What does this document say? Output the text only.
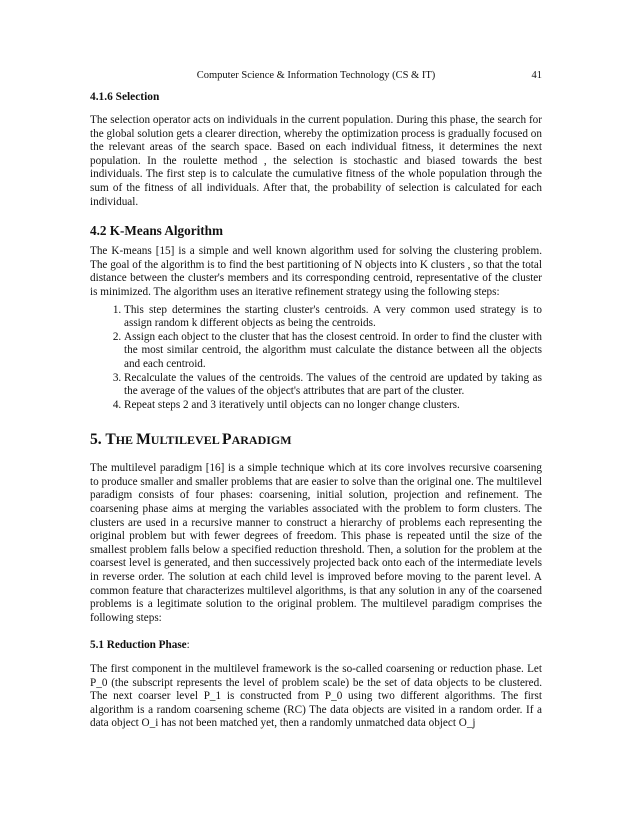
Computer Science & Information Technology (CS & IT)	41
4.1.6 Selection

The selection operator acts on individuals in the current population. During this phase, the search for the global solution gets a clearer direction, whereby the optimization process is gradually focused on the relevant areas of the search space. Based on each individual fitness, it determines the next population. In the roulette method , the selection is stochastic and biased towards the best individuals. The first step is to calculate the cumulative fitness of the whole population through the sum of the fitness of all individuals. After that, the probability of selection is calculated for each individual.

4.2 K-Means Algorithm

The K-means [15] is a simple and well known algorithm used for solving the clustering problem. The goal of the algorithm is to find the best partitioning of N objects into K clusters , so that the total distance between the cluster's members and its corresponding centroid, representative of the cluster is minimized. The algorithm uses an iterative refinement strategy using the following steps:

1. This step determines the starting cluster's centroids. A very common used strategy is to assign random k different objects as being the centroids.
2. Assign each object to the cluster that has the closest centroid. In order to find the cluster with the most similar centroid, the algorithm must calculate the distance between all the objects and each centroid.
3. Recalculate the values of the centroids. The values of the centroid are updated by taking as the average of the values of the object's attributes that are part of the cluster.
4. Repeat steps 2 and 3 iteratively until objects can no longer change clusters.
5. THE MULTILEVEL PARADIGM

The multilevel paradigm [16] is a simple technique which at its core involves recursive coarsening to produce smaller and smaller problems that are easier to solve than the original one. The multilevel paradigm consists of four phases: coarsening, initial solution, projection and refinement. The coarsening phase aims at merging the variables associated with the problem to form clusters. The clusters are used in a recursive manner to construct a hierarchy of problems each representing the original problem but with fewer degrees of freedom. This phase is repeated until the size of the smallest problem falls below a specified reduction threshold. Then, a solution for the problem at the coarsest level is generated, and then successively projected back onto each of the intermediate levels in reverse order. The solution at each child level is improved before moving to the parent level. A common feature that characterizes multilevel algorithms, is that any solution in any of the coarsened problems is a legitimate solution to the original problem. The multilevel paradigm comprises the following steps:

5.1 Reduction Phase:

The first component in the multilevel framework is the so-called coarsening or reduction phase. Let P_0 (the subscript represents the level of problem scale) be the set of data objects to be clustered. The next coarser level P_1 is constructed from P_0 using two different algorithms. The first algorithm is a random coarsening scheme (RC) The data objects are visited in a random order. If a data object O_i has not been matched yet, then a randomly unmatched data object O_j
